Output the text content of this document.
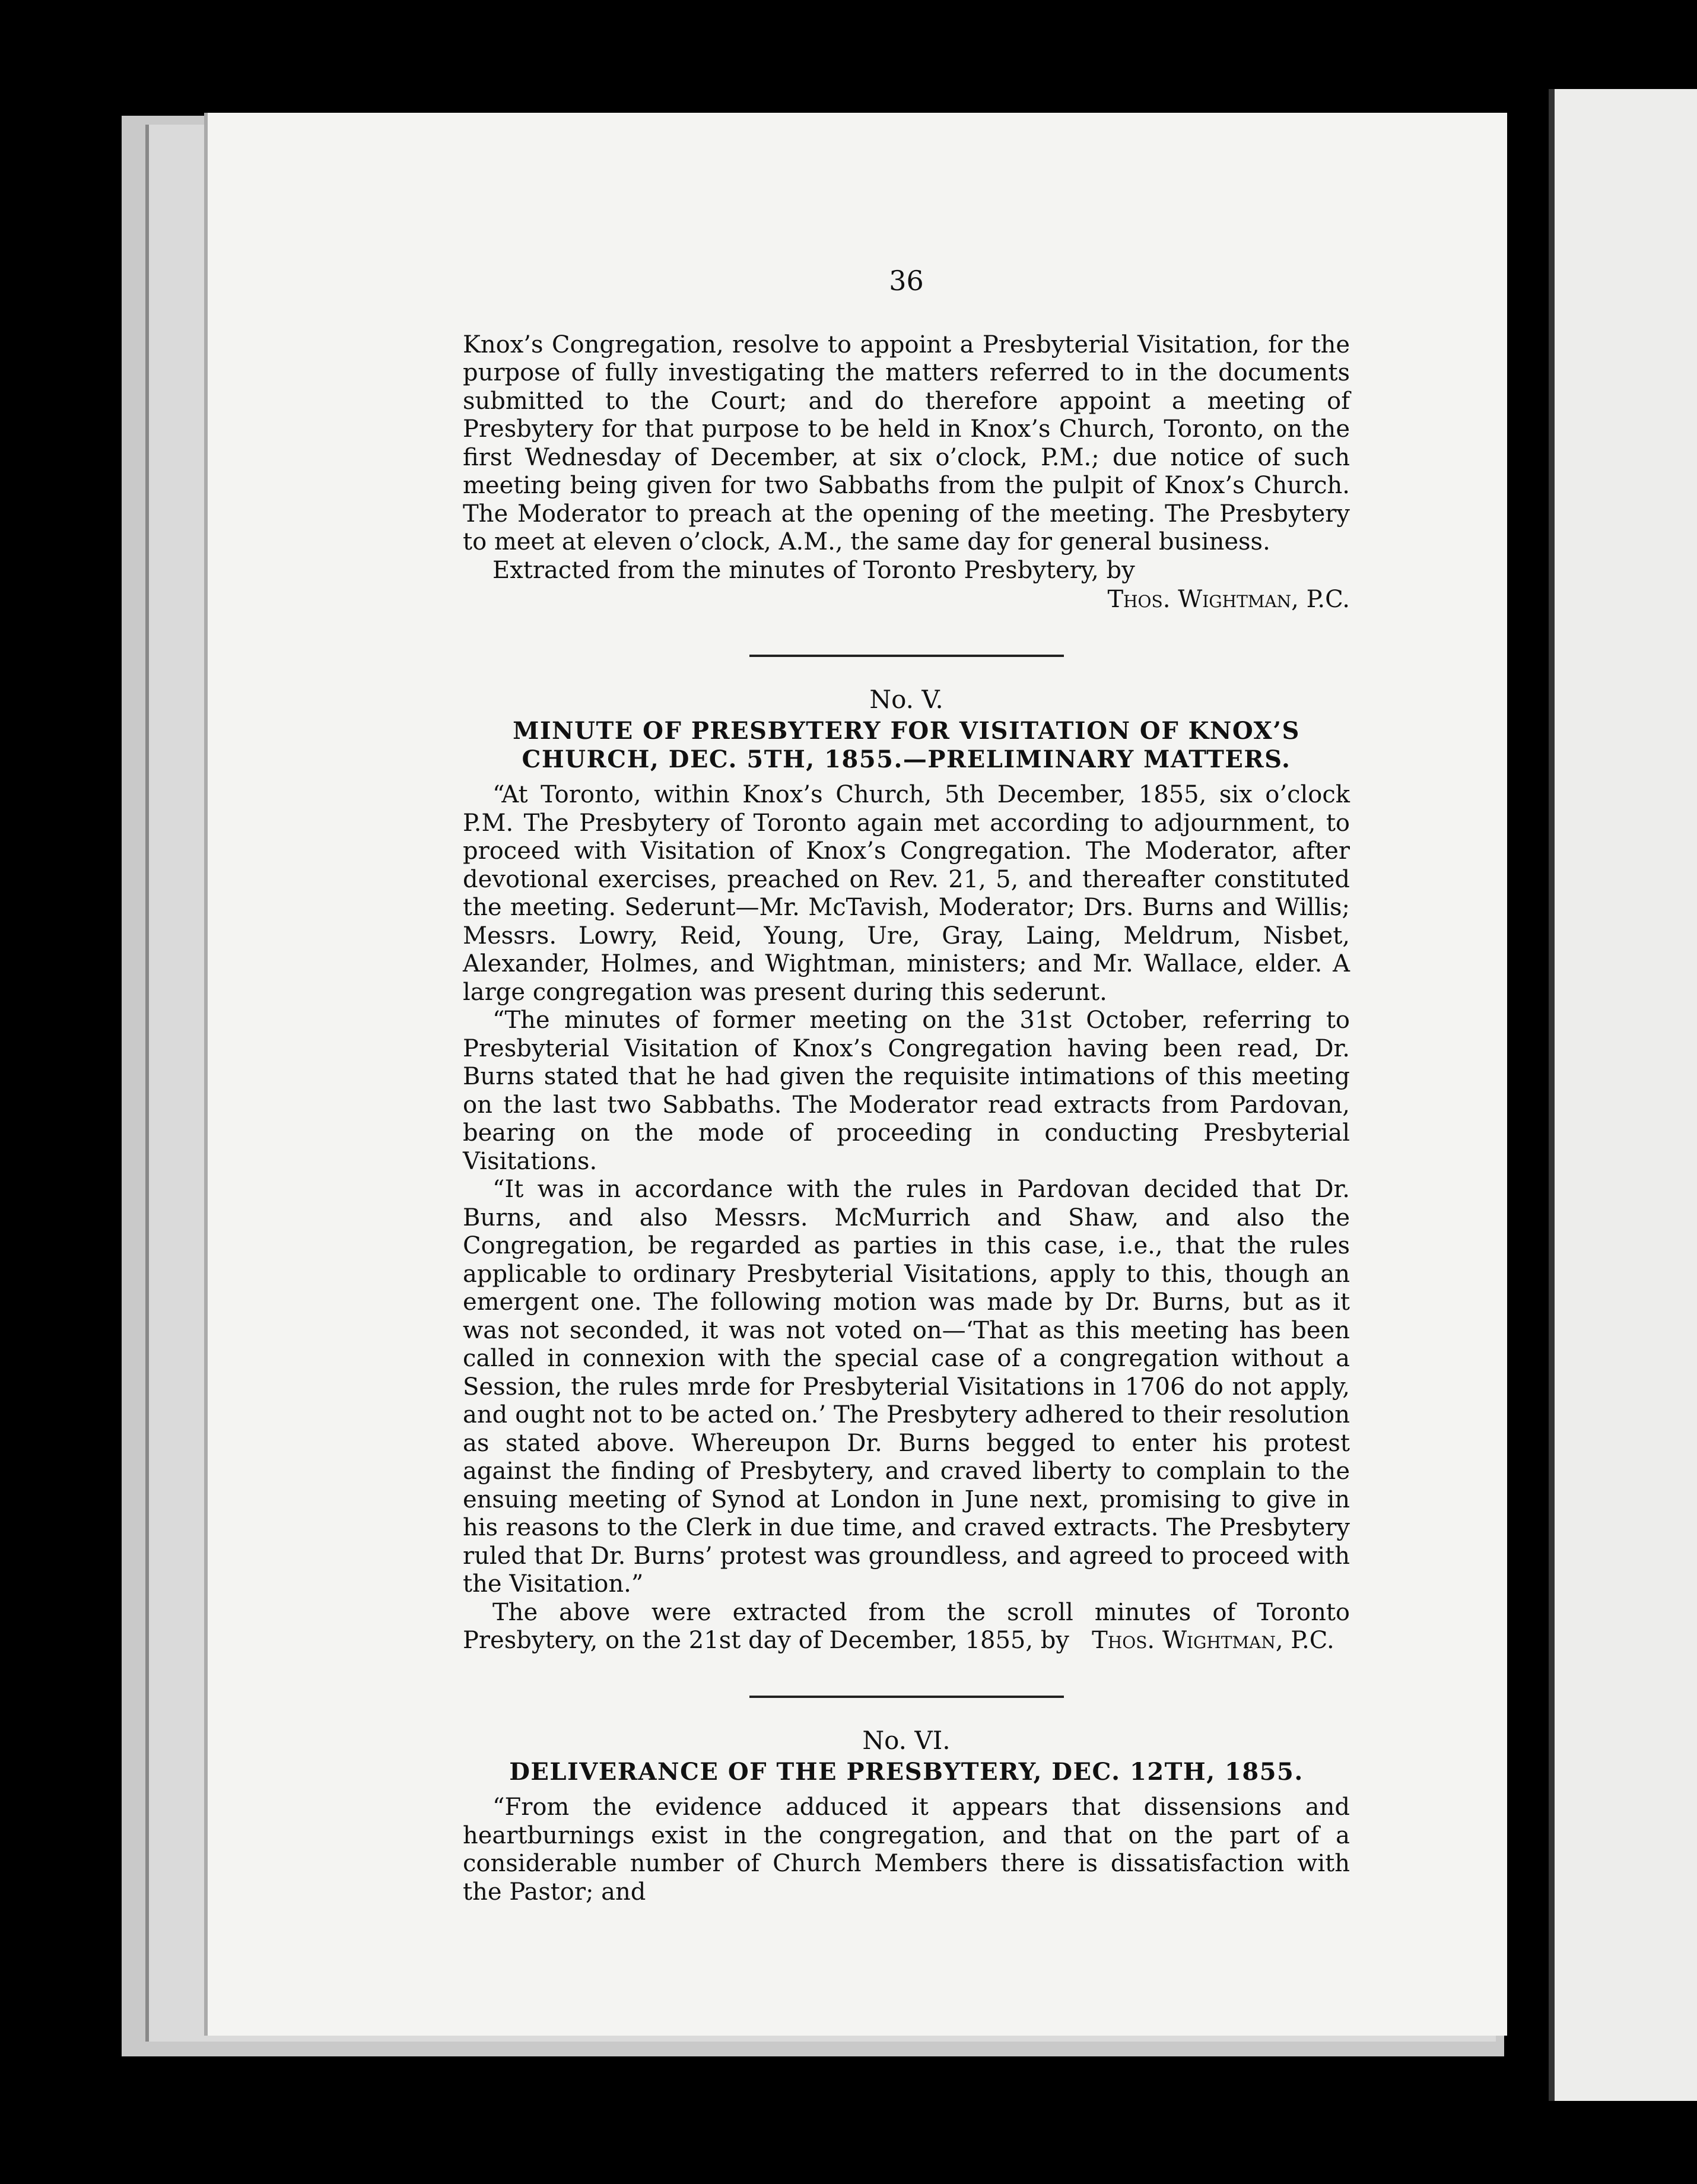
36

Knox’s Congregation, resolve to appoint a Presbyterial Visitation, for the purpose of fully investigating the matters referred to in the documents submitted to the Court; and do therefore appoint a meeting of Presbytery for that purpose to be held in Knox’s Church, Toronto, on the first Wednesday of December, at six o’clock, P.M.; due notice of such meeting being given for two Sabbaths from the pulpit of Knox’s Church. The Moderator to preach at the opening of the meeting. The Presbytery to meet at eleven o’clock, A.M., the same day for general business.

Extracted from the minutes of Toronto Presbytery, by

Thos. Wightman, P.C.
No. V.
MINUTE OF PRESBYTERY FOR VISITATION OF KNOX’S CHURCH, DEC. 5TH, 1855.—PRELIMINARY MATTERS.

“At Toronto, within Knox’s Church, 5th December, 1855, six o’clock P.M. The Presbytery of Toronto again met according to adjournment, to proceed with Visitation of Knox’s Congregation. The Moderator, after devotional exercises, preached on Rev. 21, 5, and thereafter constituted the meeting. Sederunt—Mr. McTavish, Moderator; Drs. Burns and Willis; Messrs. Lowry, Reid, Young, Ure, Gray, Laing, Meldrum, Nisbet, Alexander, Holmes, and Wightman, ministers; and Mr. Wallace, elder. A large congregation was present during this sederunt.

“The minutes of former meeting on the 31st October, referring to Presbyterial Visitation of Knox’s Congregation having been read, Dr. Burns stated that he had given the requisite intimations of this meeting on the last two Sabbaths. The Moderator read extracts from Pardovan, bearing on the mode of proceeding in conducting Presbyterial Visitations.

“It was in accordance with the rules in Pardovan decided that Dr. Burns, and also Messrs. McMurrich and Shaw, and also the Congregation, be regarded as parties in this case, i.e., that the rules applicable to ordinary Presbyterial Visitations, apply to this, though an emergent one. The following motion was made by Dr. Burns, but as it was not seconded, it was not voted on—‘That as this meeting has been called in connexion with the special case of a congregation without a Session, the rules mrde for Presbyterial Visitations in 1706 do not apply, and ought not to be acted on.’ The Presbytery adhered to their resolution as stated above. Whereupon Dr. Burns begged to enter his protest against the finding of Presbytery, and craved liberty to complain to the ensuing meeting of Synod at London in June next, promising to give in his reasons to the Clerk in due time, and craved extracts. The Presbytery ruled that Dr. Burns’ protest was groundless, and agreed to proceed with the Visitation.”

The above were extracted from the scroll minutes of Toronto Presbytery, on the 21st day of December, 1855, by Thos. Wightman, P.C.

No. VI.
DELIVERANCE OF THE PRESBYTERY, DEC. 12TH, 1855.

“From the evidence adduced it appears that dissensions and heartburnings exist in the congregation, and that on the part of a considerable number of Church Members there is dissatisfaction with the Pastor; and
